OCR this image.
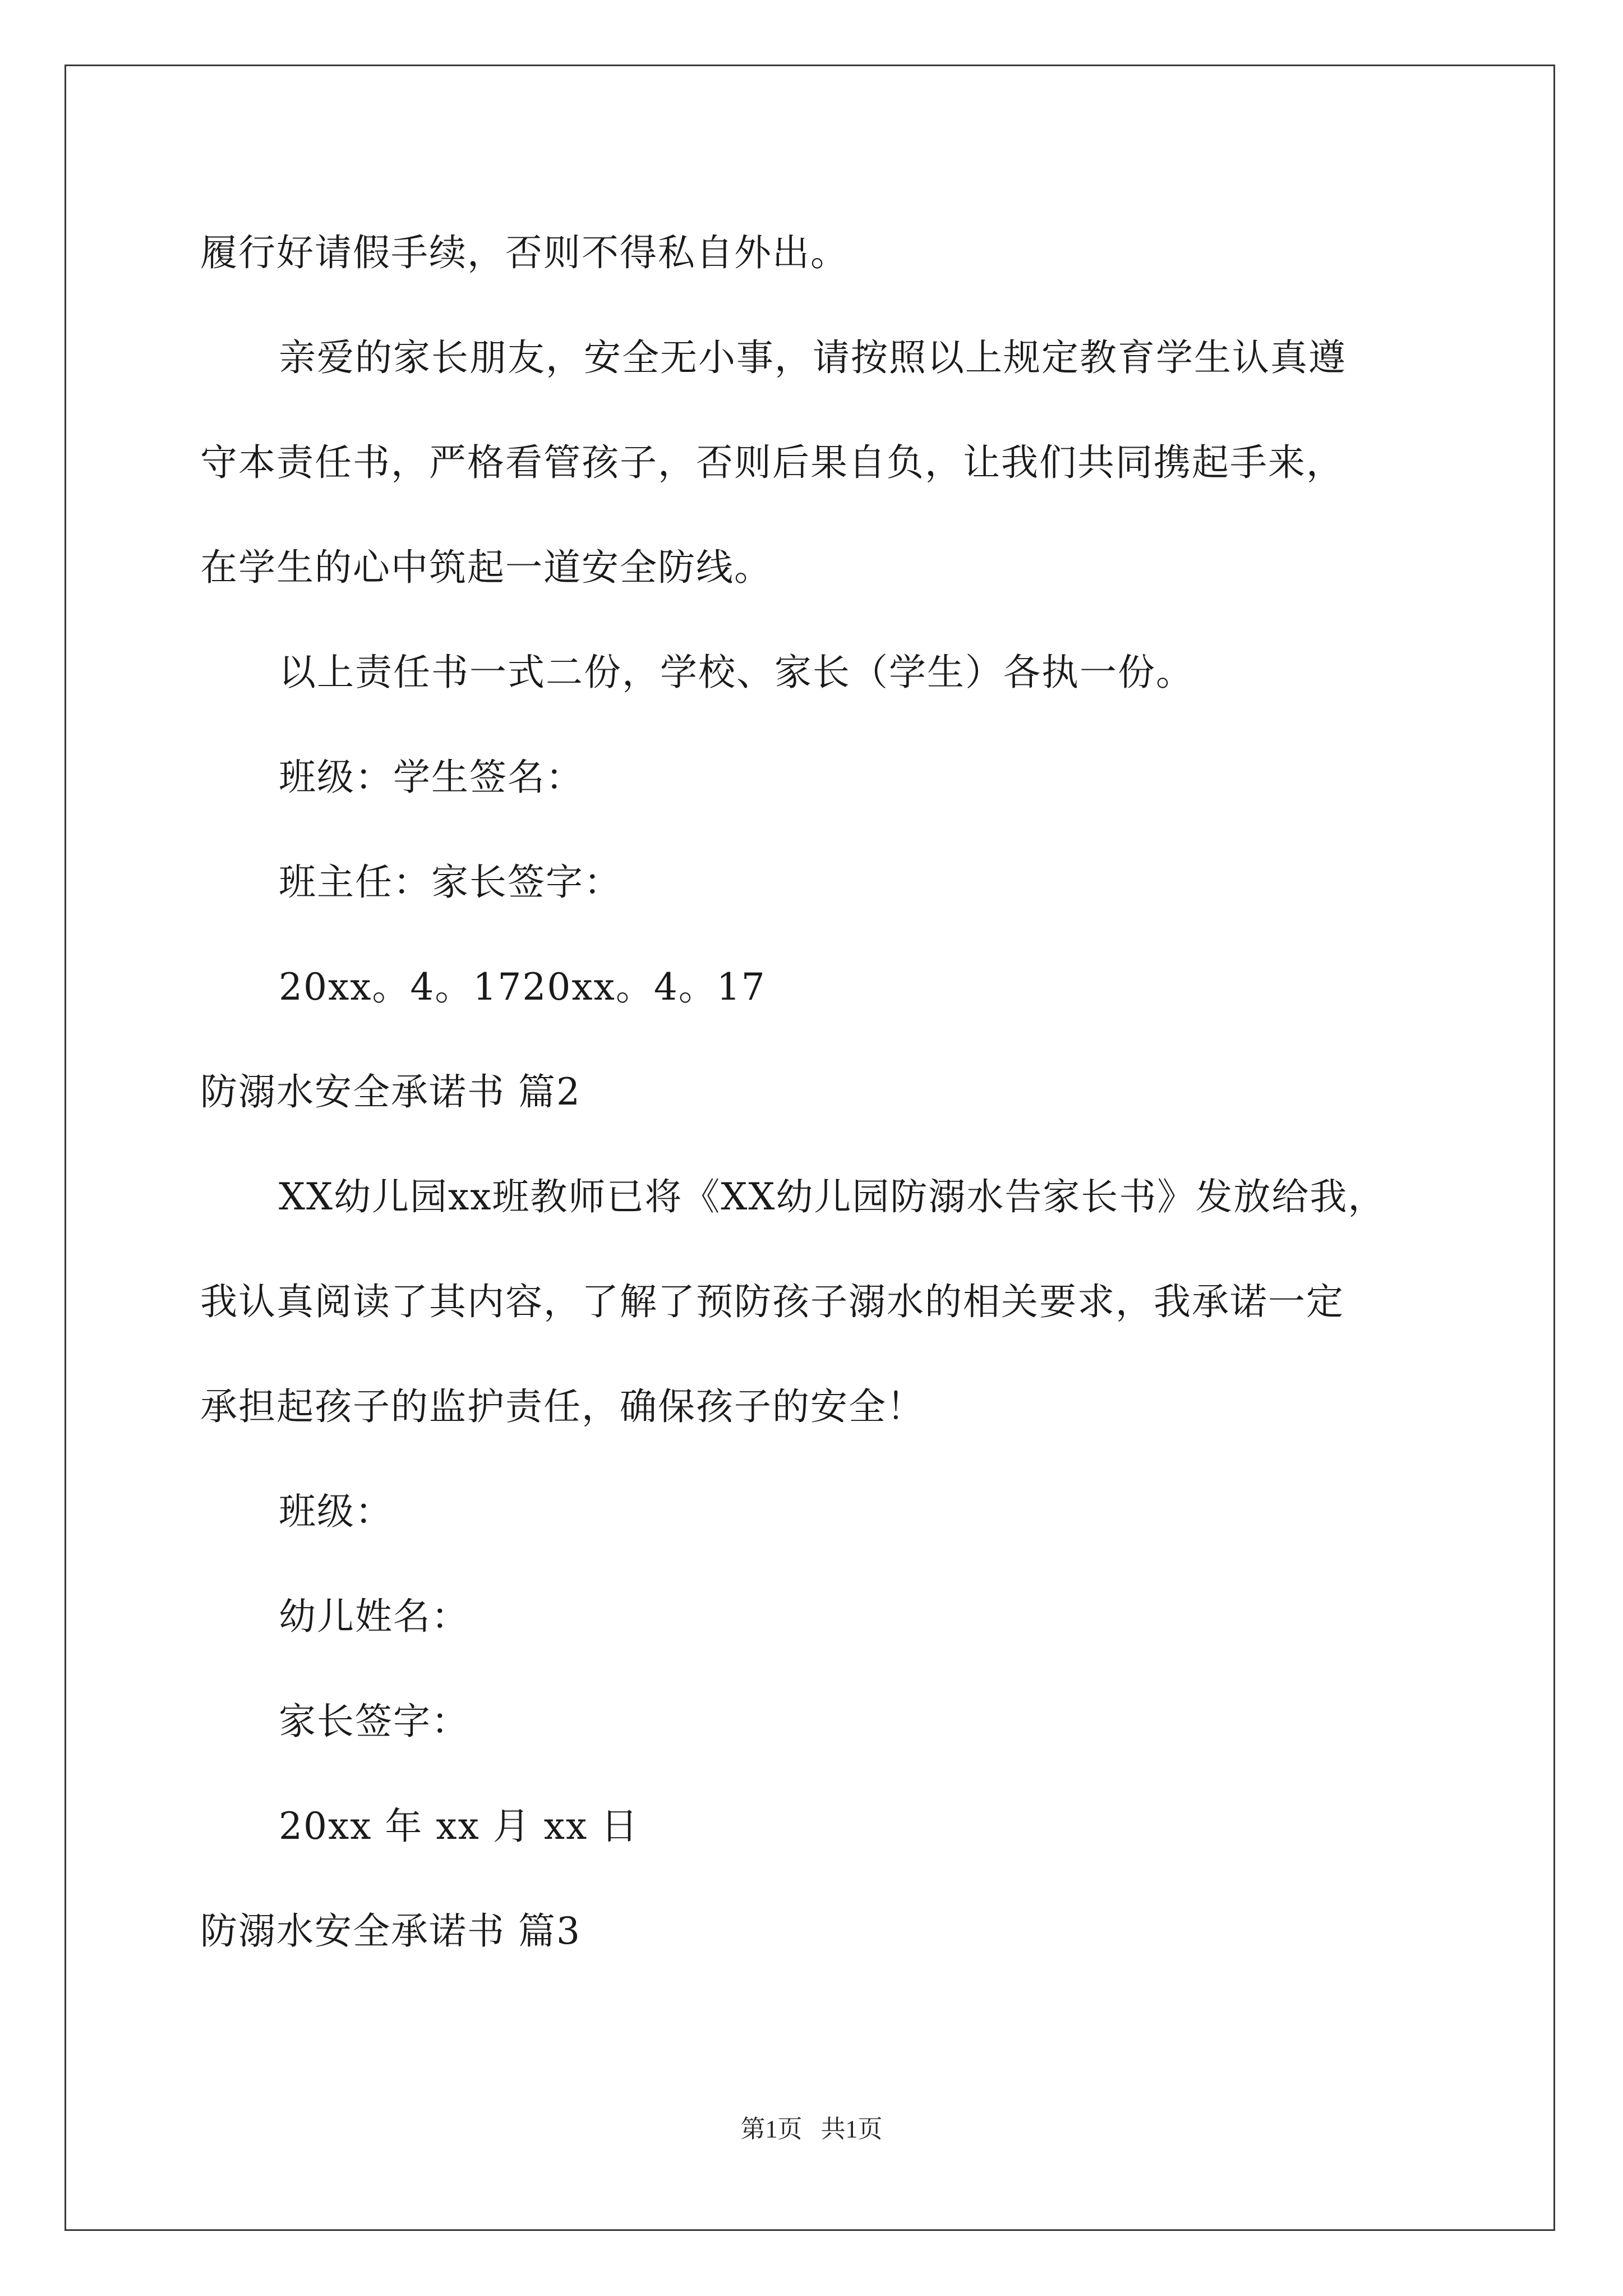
履行好请假手续，否则不得私自外出。
亲爱的家长朋友，安全无小事，请按照以上规定教育学生认真遵
守本责任书，严格看管孩子，否则后果自负，让我们共同携起手来，
在学生的心中筑起一道安全防线。
以上责任书一式二份，学校、家长（学生）各执一份。
班级：学生签名：
班主任：家长签字：
20xx。4。1720xx。4。17
防溺水安全承诺书 篇2
XX幼儿园xx班教师已将《XX幼儿园防溺水告家长书》发放给我，
我认真阅读了其内容，了解了预防孩子溺水的相关要求，我承诺一定
承担起孩子的监护责任，确保孩子的安全！
班级：
幼儿姓名：
家长签字：
20xx 年 xx 月 xx 日
防溺水安全承诺书 篇3
第1页   共1页
